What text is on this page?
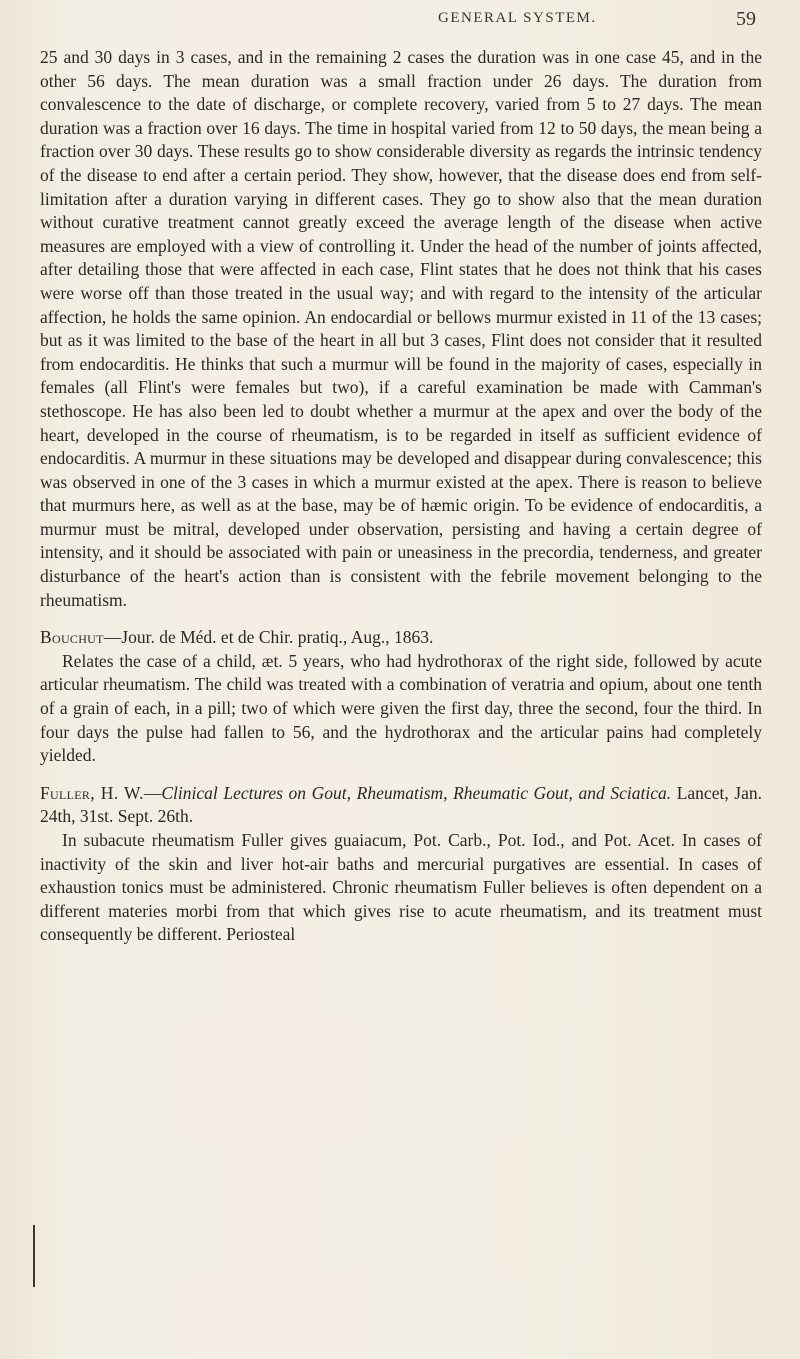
GENERAL SYSTEM.	59

25 and 30 days in 3 cases, and in the remaining 2 cases the duration was in one case 45, and in the other 56 days. The mean duration was a small fraction under 26 days. The duration from convalescence to the date of discharge, or complete recovery, varied from 5 to 27 days. The mean duration was a fraction over 16 days. The time in hospital varied from 12 to 50 days, the mean being a fraction over 30 days. These results go to show considerable diversity as regards the intrinsic tendency of the disease to end after a certain period. They show, however, that the disease does end from self-limitation after a duration varying in different cases. They go to show also that the mean duration without curative treatment cannot greatly exceed the average length of the disease when active measures are employed with a view of controlling it. Under the head of the number of joints affected, after detailing those that were affected in each case, Flint states that he does not think that his cases were worse off than those treated in the usual way; and with regard to the intensity of the articular affection, he holds the same opinion. An endocardial or bellows murmur existed in 11 of the 13 cases; but as it was limited to the base of the heart in all but 3 cases, Flint does not consider that it resulted from endocarditis. He thinks that such a murmur will be found in the majority of cases, especially in females (all Flint's were females but two), if a careful examination be made with Camman's stethoscope. He has also been led to doubt whether a murmur at the apex and over the body of the heart, developed in the course of rheumatism, is to be regarded in itself as sufficient evidence of endocarditis. A murmur in these situations may be developed and disappear during convalescence; this was observed in one of the 3 cases in which a murmur existed at the apex. There is reason to believe that murmurs here, as well as at the base, may be of hæmic origin. To be evidence of endocarditis, a murmur must be mitral, developed under observation, persisting and having a certain degree of intensity, and it should be associated with pain or uneasiness in the precordia, tenderness, and greater disturbance of the heart's action than is consistent with the febrile movement belonging to the rheumatism.

Bouchut—Jour. de Méd. et de Chir. pratiq., Aug., 1863.

Relates the case of a child, æt. 5 years, who had hydrothorax of the right side, followed by acute articular rheumatism. The child was treated with a combination of veratria and opium, about one tenth of a grain of each, in a pill; two of which were given the first day, three the second, four the third. In four days the pulse had fallen to 56, and the hydrothorax and the articular pains had completely yielded.

Fuller, H. W.—Clinical Lectures on Gout, Rheumatism, Rheumatic Gout, and Sciatica. Lancet, Jan. 24th, 31st. Sept. 26th.

In subacute rheumatism Fuller gives guaiacum, Pot. Carb., Pot. Iod., and Pot. Acet. In cases of inactivity of the skin and liver hot-air baths and mercurial purgatives are essential. In cases of exhaustion tonics must be administered. Chronic rheumatism Fuller believes is often dependent on a different materies morbi from that which gives rise to acute rheumatism, and its treatment must consequently be different. Periosteal
